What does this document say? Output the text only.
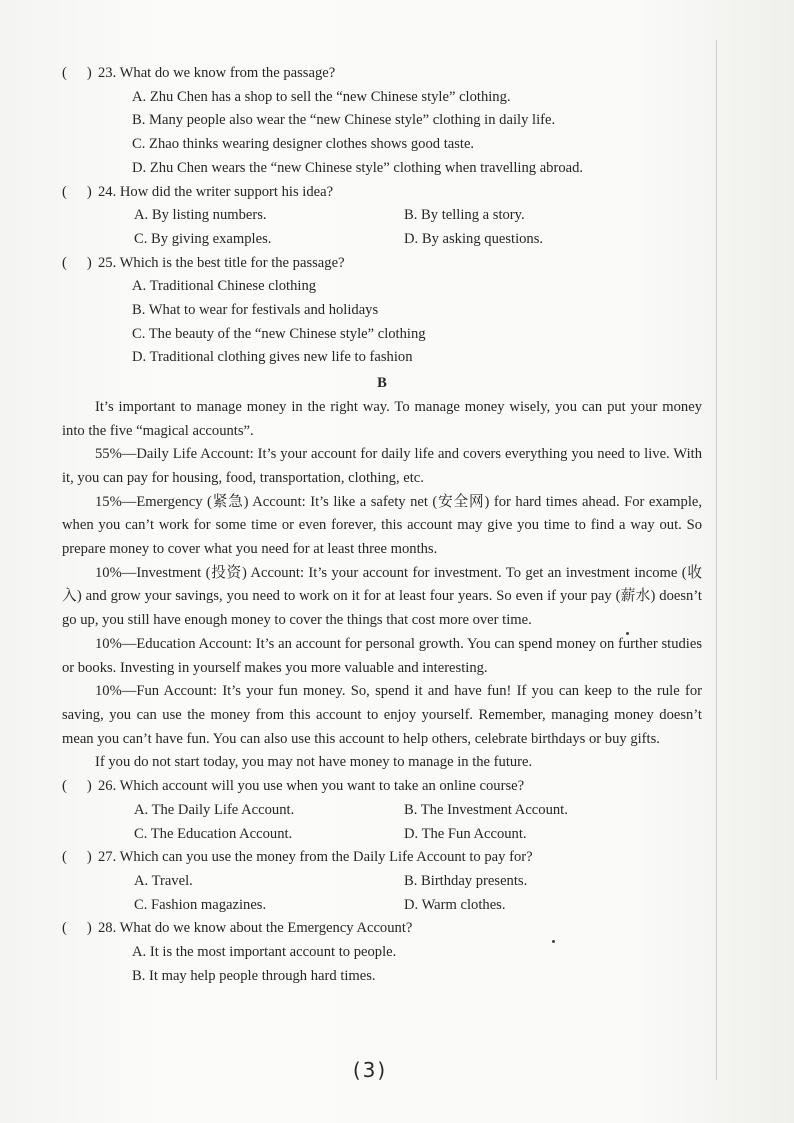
( )
23. What do we know from the passage?
A. Zhu Chen has a shop to sell the “new Chinese style” clothing.
B. Many people also wear the “new Chinese style” clothing in daily life.
C. Zhao thinks wearing designer clothes shows good taste.
D. Zhu Chen wears the “new Chinese style” clothing when travelling abroad.
( )
24. How did the writer support his idea?
A. By listing numbers.	B. By telling a story.
C. By giving examples.	D. By asking questions.
( )
25. Which is the best title for the passage?
A. Traditional Chinese clothing
B. What to wear for festivals and holidays
C. The beauty of the “new Chinese style” clothing
D. Traditional clothing gives new life to fashion
B
It’s important to manage money in the right way. To manage money wisely, you can put your money into the five “magical accounts”.
55%—Daily Life Account: It’s your account for daily life and covers everything you need to live. With it, you can pay for housing, food, transportation, clothing, etc.
15%—Emergency (紧急) Account: It’s like a safety net (安全网) for hard times ahead. For example, when you can’t work for some time or even forever, this account may give you time to find a way out. So prepare money to cover what you need for at least three months.
10%—Investment (投资) Account: It’s your account for investment. To get an investment income (收入) and grow your savings, you need to work on it for at least four years. So even if your pay (薪水) doesn’t go up, you still have enough money to cover the things that cost more over time.
10%—Education Account: It’s an account for personal growth. You can spend money on further studies or books. Investing in yourself makes you more valuable and interesting.
10%—Fun Account: It’s your fun money. So, spend it and have fun! If you can keep to the rule for saving, you can use the money from this account to enjoy yourself. Remember, managing money doesn’t mean you can’t have fun. You can also use this account to help others, celebrate birthdays or buy gifts.
If you do not start today, you may not have money to manage in the future.
( )
26. Which account will you use when you want to take an online course?
A. The Daily Life Account.	B. The Investment Account.
C. The Education Account.	D. The Fun Account.
( )
27. Which can you use the money from the Daily Life Account to pay for?
A. Travel.	B. Birthday presents.
C. Fashion magazines.	D. Warm clothes.
( )
28. What do we know about the Emergency Account?
A. It is the most important account to people.
B. It may help people through hard times.
(3)
